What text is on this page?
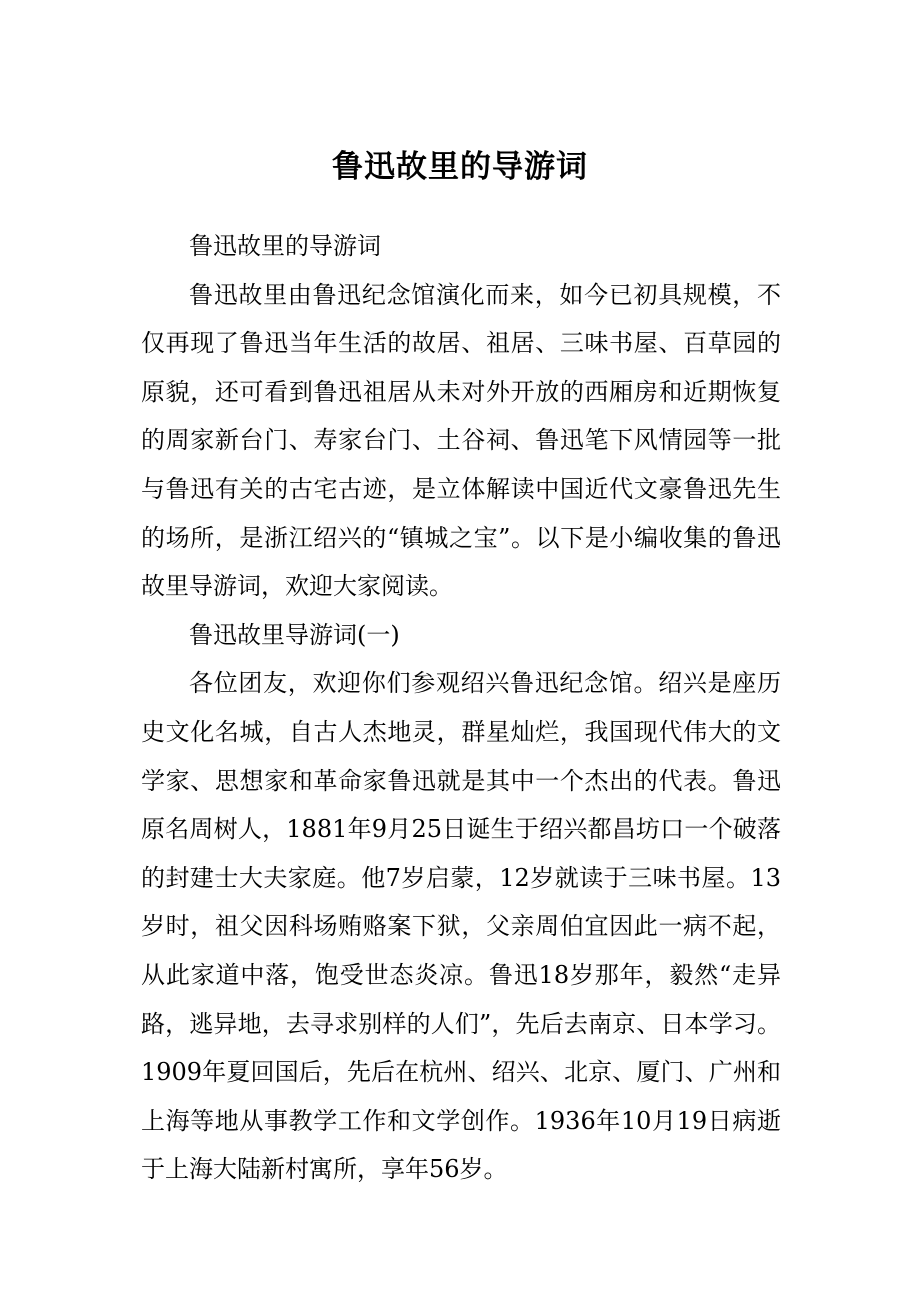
鲁迅故里的导游词

鲁迅故里的导游词

鲁迅故里由鲁迅纪念馆演化而来，如今已初具规模，不仅再现了鲁迅当年生活的故居、祖居、三味书屋、百草园的原貌，还可看到鲁迅祖居从未对外开放的西厢房和近期恢复的周家新台门、寿家台门、土谷祠、鲁迅笔下风情园等一批与鲁迅有关的古宅古迹，是立体解读中国近代文豪鲁迅先生的场所，是浙江绍兴的“镇城之宝”。以下是小编收集的鲁迅故里导游词，欢迎大家阅读。

鲁迅故里导游词(一)

各位团友，欢迎你们参观绍兴鲁迅纪念馆。绍兴是座历史文化名城，自古人杰地灵，群星灿烂，我国现代伟大的文学家、思想家和革命家鲁迅就是其中一个杰出的代表。鲁迅原名周树人，1881年9月25日诞生于绍兴都昌坊口一个破落的封建士大夫家庭。他7岁启蒙，12岁就读于三味书屋。13岁时，祖父因科场贿赂案下狱，父亲周伯宜因此一病不起，从此家道中落，饱受世态炎凉。鲁迅18岁那年，毅然“走异路，逃异地，去寻求别样的人们”，先后去南京、日本学习。1909年夏回国后，先后在杭州、绍兴、北京、厦门、广州和上海等地从事教学工作和文学创作。1936年10月19日病逝于上海大陆新村寓所，享年56岁。
